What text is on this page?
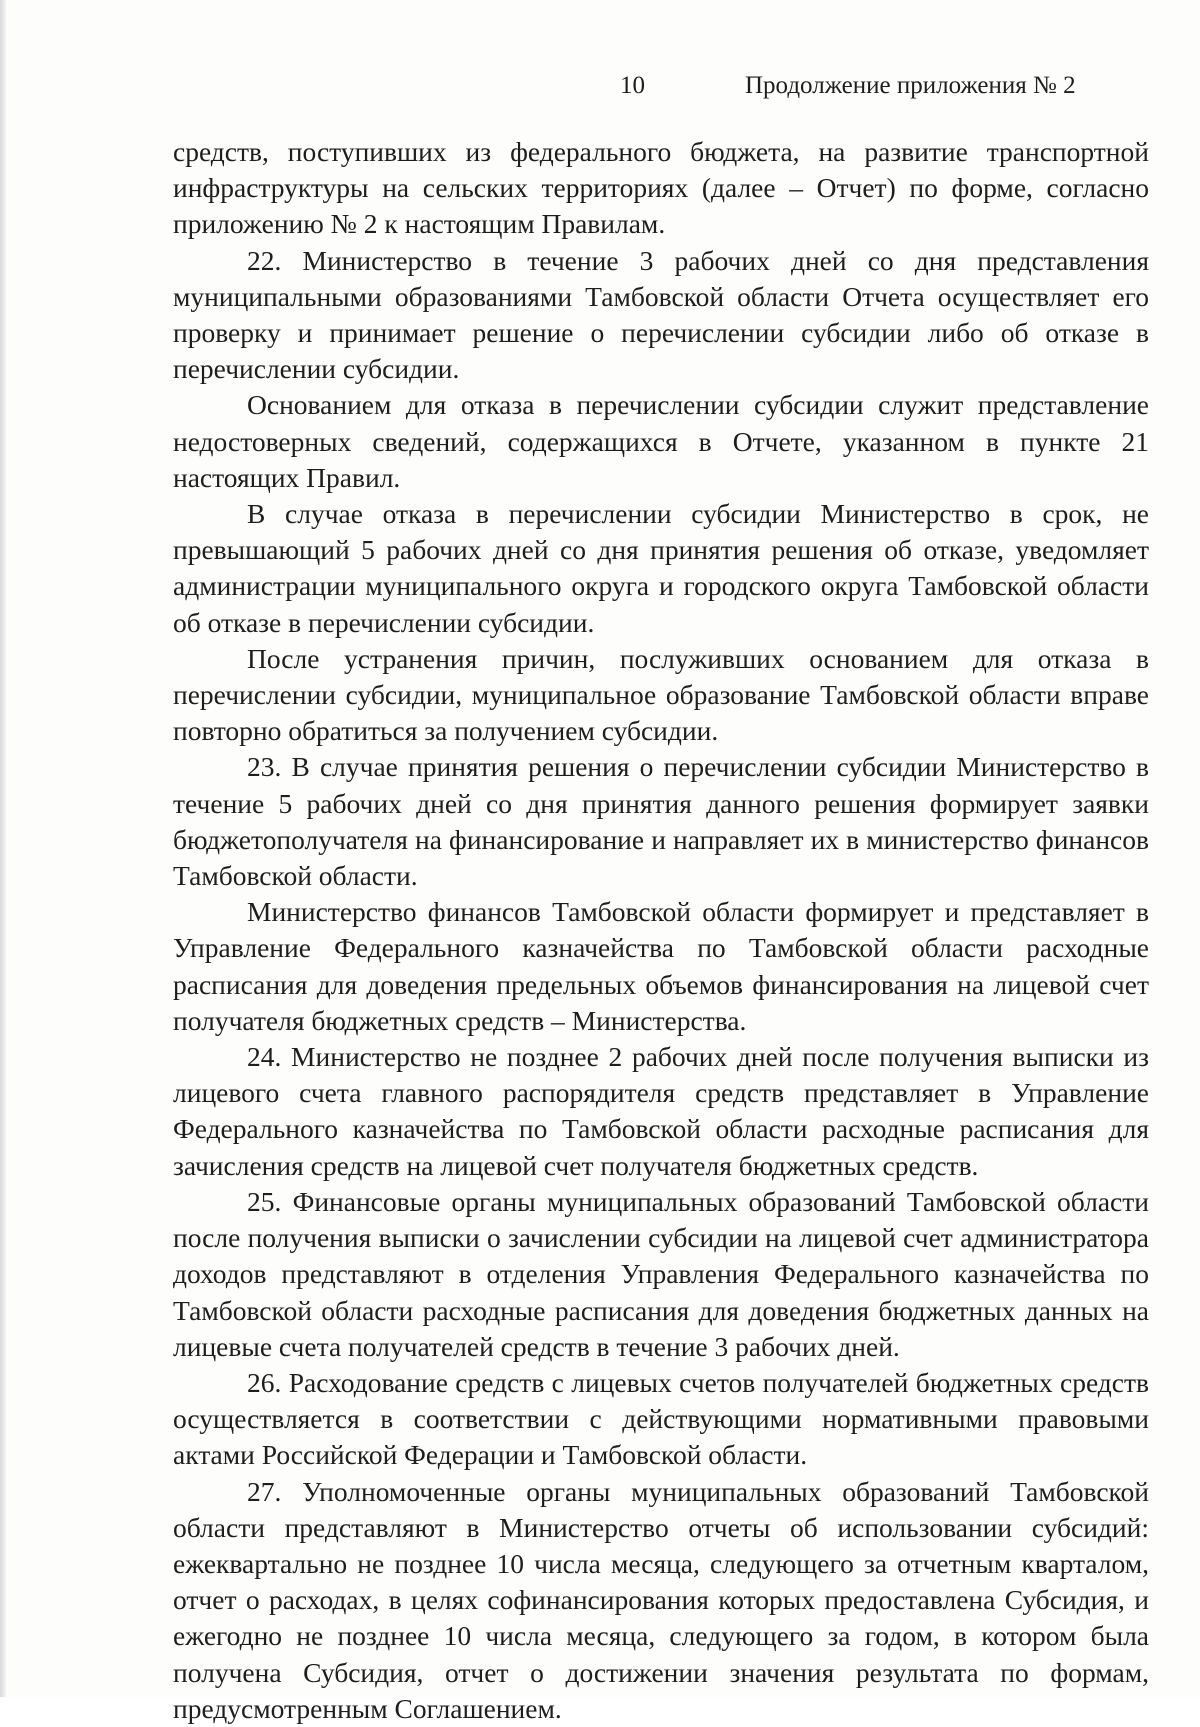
10	Продолжение приложения № 2

средств, поступивших из федерального бюджета, на развитие транспортной инфраструктуры на сельских территориях (далее – Отчет) по форме, согласно приложению № 2 к настоящим Правилам.

22. Министерство в течение 3 рабочих дней со дня представления муниципальными образованиями Тамбовской области Отчета осуществляет его проверку и принимает решение о перечислении субсидии либо об отказе в перечислении субсидии.

Основанием для отказа в перечислении субсидии служит представление недостоверных сведений, содержащихся в Отчете, указанном в пункте 21 настоящих Правил.

В случае отказа в перечислении субсидии Министерство в срок, не превышающий 5 рабочих дней со дня принятия решения об отказе, уведомляет администрации муниципального округа и городского округа Тамбовской области об отказе в перечислении субсидии.

После устранения причин, послуживших основанием для отказа в перечислении субсидии, муниципальное образование Тамбовской области вправе повторно обратиться за получением субсидии.

23. В случае принятия решения о перечислении субсидии Министерство в течение 5 рабочих дней со дня принятия данного решения формирует заявки бюджетополучателя на финансирование и направляет их в министерство финансов Тамбовской области.

Министерство финансов Тамбовской области формирует и представляет в Управление Федерального казначейства по Тамбовской области расходные расписания для доведения предельных объемов финансирования на лицевой счет получателя бюджетных средств – Министерства.

24. Министерство не позднее 2 рабочих дней после получения выписки из лицевого счета главного распорядителя средств представляет в Управление Федерального казначейства по Тамбовской области расходные расписания для зачисления средств на лицевой счет получателя бюджетных средств.

25. Финансовые органы муниципальных образований Тамбовской области после получения выписки о зачислении субсидии на лицевой счет администратора доходов представляют в отделения Управления Федерального казначейства по Тамбовской области расходные расписания для доведения бюджетных данных на лицевые счета получателей средств в течение 3 рабочих дней.

26. Расходование средств с лицевых счетов получателей бюджетных средств осуществляется в соответствии с действующими нормативными правовыми актами Российской Федерации и Тамбовской области.

27. Уполномоченные органы муниципальных образований Тамбовской области представляют в Министерство отчеты об использовании субсидий: ежеквартально не позднее 10 числа месяца, следующего за отчетным кварталом, отчет о расходах, в целях софинансирования которых предоставлена Субсидия, и ежегодно не позднее 10 числа месяца, следующего за годом, в котором была получена Субсидия, отчет о достижении значения результата по формам, предусмотренным Соглашением.
